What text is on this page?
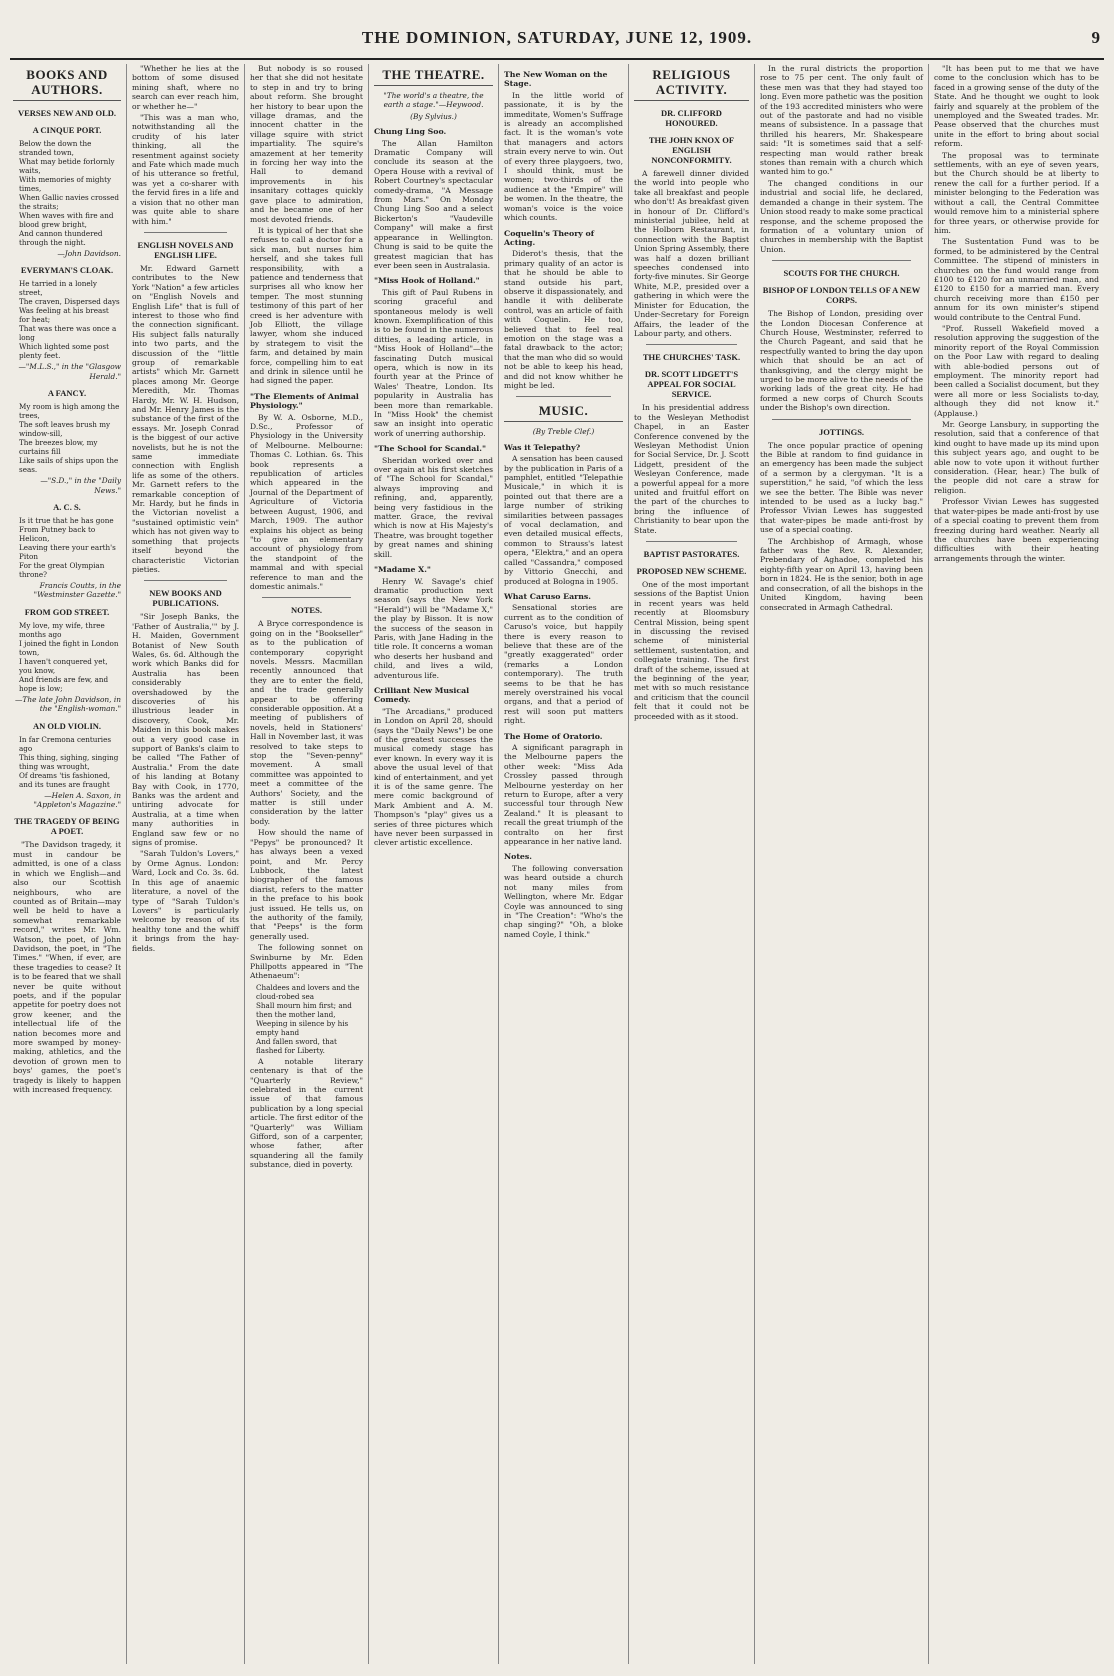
THE DOMINION, SATURDAY, JUNE 12, 1909.	9
BOOKS AND AUTHORS.
VERSES NEW AND OLD.
A CINQUE PORT.

Below the down the stranded town,

What may betide forlornly waits,

With memories of mighty times,

When Gallic navies crossed the straits;

When waves with fire and blood grew bright,

And cannon thundered through the night.

—John Davidson.
EVERYMAN'S CLOAK.

He tarried in a lonely street,

The craven, Dispersed days

Was feeling at his breast for heat;

That was there was once a long

Which lighted some post plenty feet.

—"M.L.S.," in the "Glasgow Herald."
A FANCY.

My room is high among the trees,

The soft leaves brush my window-sill,

The breezes blow, my curtains fill

Like sails of ships upon the seas.

—"S.D.," in the "Daily News."
A. C. S.

Is it true that he has gone

From Putney back to Helicon,

Leaving there your earth's Piton

For the great Olympian throne?

Francis Coutts, in the "Westminster Gazette."
FROM GOD STREET.

My love, my wife, three months ago

I joined the fight in London town,

I haven't conquered yet, you know,

And friends are few, and hope is low;

—The late John Davidson, in the "English-woman."
AN OLD VIOLIN.

In far Cremona centuries ago

This thing, sighing, singing thing was wrought,

Of dreams 'tis fashioned, and its tunes are fraught

—Helen A. Saxon, in "Appleton's Magazine."
THE TRAGEDY OF BEING A POET.

"The Davidson tragedy, it must in candour be admitted, is one of a class in which we English—and also our Scottish neighbours, who are counted as of Britain—may well be held to have a somewhat remarkable record," writes Mr. Wm. Watson, the poet, of John Davidson, the poet, in "The Times." "When, if ever, are these tragedies to cease? It is to be feared that we shall never be quite without poets, and if the popular appetite for poetry does not grow keener, and the intellectual life of the nation becomes more and more swamped by money-making, athletics, and the devotion of grown men to boys' games, the poet's tragedy is likely to happen with increased frequency.

"Whether he lies at the bottom of some disused mining shaft, where no search can ever reach him, or whether he—"

"This was a man who, notwithstanding all the crudity of his later thinking, all the resentment against society and Fate which made much of his utterance so fretful, was yet a co-sharer with the fervid fires in a life and a vision that no other man was quite able to share with him."

ENGLISH NOVELS AND ENGLISH LIFE.

Mr. Edward Garnett contributes to the New York "Nation" a few articles on "English Novels and English Life" that is full of interest to those who find the connection significant. His subject falls naturally into two parts, and the discussion of the "little group of remarkable artists" which Mr. Garnett places among Mr. George Meredith, Mr. Thomas Hardy, Mr. W. H. Hudson, and Mr. Henry James is the substance of the first of the essays. Mr. Joseph Conrad is the biggest of our active novelists, but he is not the same immediate connection with English life as some of the others. Mr. Garnett refers to the remarkable conception of Mr. Hardy, but he finds in the Victorian novelist a "sustained optimistic vein" which has not given way to something that projects itself beyond the characteristic Victorian pieties.

NEW BOOKS AND PUBLICATIONS.

"Sir Joseph Banks, the 'Father of Australia,'" by J. H. Maiden, Government Botanist of New South Wales, 6s. 6d. Although the work which Banks did for Australia has been considerably overshadowed by the discoveries of his illustrious leader in discovery, Cook, Mr. Maiden in this book makes out a very good case in support of Banks's claim to be called "The Father of Australia." From the date of his landing at Botany Bay with Cook, in 1770, Banks was the ardent and untiring advocate for Australia, at a time when many authorities in England saw few or no signs of promise.

"Sarah Tuldon's Lovers," by Orme Agnus. London: Ward, Lock and Co. 3s. 6d. In this age of anaemic literature, a novel of the type of "Sarah Tuldon's Lovers" is particularly welcome by reason of its healthy tone and the whiff it brings from the hay-fields.

But nobody is so roused her that she did not hesitate to step in and try to bring about reform. She brought her history to bear upon the village dramas, and the innocent chatter in the village squire with strict impartiality. The squire's amazement at her temerity in forcing her way into the Hall to demand improvements in his insanitary cottages quickly gave place to admiration, and he became one of her most devoted friends.

It is typical of her that she refuses to call a doctor for a sick man, but nurses him herself, and she takes full responsibility, with a patience and tenderness that surprises all who know her temper. The most stunning testimony of this part of her creed is her adventure with Job Elliott, the village lawyer, whom she induced by strategem to visit the farm, and detained by main force, compelling him to eat and drink in silence until he had signed the paper.

"The Elements of Animal Physiology."

By W. A. Osborne, M.D., D.Sc., Professor of Physiology in the University of Melbourne. Melbourne: Thomas C. Lothian. 6s. This book represents a republication of articles which appeared in the Journal of the Department of Agriculture of Victoria between August, 1906, and March, 1909. The author explains his object as being "to give an elementary account of physiology from the standpoint of the mammal and with special reference to man and the domestic animals."

NOTES.

A Bryce correspondence is going on in the "Bookseller" as to the publication of contemporary copyright novels. Messrs. Macmillan recently announced that they are to enter the field, and the trade generally appear to be offering considerable opposition. At a meeting of publishers of novels, held in Stationers' Hall in November last, it was resolved to take steps to stop the "Seven-penny" movement. A small committee was appointed to meet a committee of the Authors' Society, and the matter is still under consideration by the latter body.

How should the name of "Pepys" be pronounced? It has always been a vexed point, and Mr. Percy Lubbock, the latest biographer of the famous diarist, refers to the matter in the preface to his book just issued. He tells us, on the authority of the family, that "Peeps" is the form generally used.

The following sonnet on Swinburne by Mr. Eden Phillpotts appeared in "The Athenaeum":

Chaldees and lovers and the cloud-robed sea

Shall mourn him first; and then the mother land,

Weeping in silence by his empty hand

And fallen sword, that flashed for Liberty.

A notable literary centenary is that of the "Quarterly Review," celebrated in the current issue of that famous publication by a long special article. The first editor of the "Quarterly" was William Gifford, son of a carpenter, whose father, after squandering all the family substance, died in poverty.

THE THEATRE.
"The world's a theatre, the earth a stage."—Heywood.
(By Sylvius.)
Chung Ling Soo.

The Allan Hamilton Dramatic Company will conclude its season at the Opera House with a revival of Robert Courtney's spectacular comedy-drama, "A Message from Mars." On Monday Chung Ling Soo and a select Bickerton's "Vaudeville Company" will make a first appearance in Wellington. Chung is said to be quite the greatest magician that has ever been seen in Australasia.

"Miss Hook of Holland."

This gift of Paul Rubens in scoring graceful and spontaneous melody is well known. Exemplification of this is to be found in the numerous ditties, a leading article, in "Miss Hook of Holland"—the fascinating Dutch musical opera, which is now in its fourth year at the Prince of Wales' Theatre, London. Its popularity in Australia has been more than remarkable. In "Miss Hook" the chemist saw an insight into operatic work of unerring authorship.

"The School for Scandal."

Sheridan worked over and over again at his first sketches of "The School for Scandal," always improving and refining, and, apparently, being very fastidious in the matter. Grace, the revival which is now at His Majesty's Theatre, was brought together by great names and shining skill.

"Madame X."

Henry W. Savage's chief dramatic production next season (says the New York "Herald") will be "Madame X," the play by Bisson. It is now the success of the season in Paris, with Jane Hading in the title role. It concerns a woman who deserts her husband and child, and lives a wild, adventurous life.

Crilliant New Musical Comedy.

"The Arcadians," produced in London on April 28, should (says the "Daily News") be one of the greatest successes the musical comedy stage has ever known. In every way it is above the usual level of that kind of entertainment, and yet it is of the same genre. The mere comic background of Mark Ambient and A. M. Thompson's "play" gives us a series of three pictures which have never been surpassed in clever artistic excellence.

The New Woman on the Stage.

In the little world of passionate, it is by the immeditate, Women's Suffrage is already an accomplished fact. It is the woman's vote that managers and actors strain every nerve to win. Out of every three playgoers, two, I should think, must be women; two-thirds of the audience at the "Empire" will be women. In the theatre, the woman's voice is the voice which counts.

Coquelin's Theory of Acting.

Diderot's thesis, that the primary quality of an actor is that he should be able to stand outside his part, observe it dispassionately, and handle it with deliberate control, was an article of faith with Coquelin. He too, believed that to feel real emotion on the stage was a fatal drawback to the actor; that the man who did so would not be able to keep his head, and did not know whither he might be led.

MUSIC.
(By Treble Clef.)
Was it Telepathy?

A sensation has been caused by the publication in Paris of a pamphlet, entitled "Telepathie Musicale," in which it is pointed out that there are a large number of striking similarities between passages of vocal declamation, and even detailed musical effects, common to Strauss's latest opera, "Elektra," and an opera called "Cassandra," composed by Vittorio Gnecchi, and produced at Bologna in 1905.

What Caruso Earns.

Sensational stories are current as to the condition of Caruso's voice, but happily there is every reason to believe that these are of the "greatly exaggerated" order (remarks a London contemporary). The truth seems to be that he has merely overstrained his vocal organs, and that a period of rest will soon put matters right.

The Home of Oratorio.

A significant paragraph in the Melbourne papers the other week: "Miss Ada Crossley passed through Melbourne yesterday on her return to Europe, after a very successful tour through New Zealand." It is pleasant to recall the great triumph of the contralto on her first appearance in her native land.

Notes.

The following conversation was heard outside a church not many miles from Wellington, where Mr. Edgar Coyle was announced to sing in "The Creation": "Who's the chap singing?" "Oh, a bloke named Coyle, I think."

RELIGIOUS ACTIVITY.
DR. CLIFFORD HONOURED.
THE JOHN KNOX OF ENGLISH NONCONFORMITY.

A farewell dinner divided the world into people who take all breakfast and people who don't! As breakfast given in honour of Dr. Clifford's ministerial jubilee, held at the Holborn Restaurant, in connection with the Baptist Union Spring Assembly, there was half a dozen brilliant speeches condensed into forty-five minutes. Sir George White, M.P., presided over a gathering in which were the Minister for Education, the Under-Secretary for Foreign Affairs, the leader of the Labour party, and others.

THE CHURCHES' TASK.
DR. SCOTT LIDGETT'S APPEAL FOR SOCIAL SERVICE.

In his presidential address to the Wesleyan Methodist Chapel, in an Easter Conference convened by the Wesleyan Methodist Union for Social Service, Dr. J. Scott Lidgett, president of the Wesleyan Conference, made a powerful appeal for a more united and fruitful effort on the part of the churches to bring the influence of Christianity to bear upon the State.

BAPTIST PASTORATES.
PROPOSED NEW SCHEME.

One of the most important sessions of the Baptist Union in recent years was held recently at Bloomsbury Central Mission, being spent in discussing the revised scheme of ministerial settlement, sustentation, and collegiate training. The first draft of the scheme, issued at the beginning of the year, met with so much resistance and criticism that the council felt that it could not be proceeded with as it stood.

In the rural districts the proportion rose to 75 per cent. The only fault of these men was that they had stayed too long. Even more pathetic was the position of the 193 accredited ministers who were out of the pastorate and had no visible means of subsistence. In a passage that thrilled his hearers, Mr. Shakespeare said: "It is sometimes said that a self-respecting man would rather break stones than remain with a church which wanted him to go."

The changed conditions in our industrial and social life, he declared, demanded a change in their system. The Union stood ready to make some practical response, and the scheme proposed the formation of a voluntary union of churches in membership with the Baptist Union.

SCOUTS FOR THE CHURCH.
BISHOP OF LONDON TELLS OF A NEW CORPS.

The Bishop of London, presiding over the London Diocesan Conference at Church House, Westminster, referred to the Church Pageant, and said that he respectfully wanted to bring the day upon which that should be an act of thanksgiving, and the clergy might be urged to be more alive to the needs of the working lads of the great city. He had formed a new corps of Church Scouts under the Bishop's own direction.

JOTTINGS.

The once popular practice of opening the Bible at random to find guidance in an emergency has been made the subject of a sermon by a clergyman. "It is a superstition," he said, "of which the less we see the better. The Bible was never intended to be used as a lucky bag." Professor Vivian Lewes has suggested that water-pipes be made anti-frost by use of a special coating.

The Archbishop of Armagh, whose father was the Rev. R. Alexander, Prebendary of Aghadoe, completed his eighty-fifth year on April 13, having been born in 1824. He is the senior, both in age and consecration, of all the bishops in the United Kingdom, having been consecrated in Armagh Cathedral.

"It has been put to me that we have come to the conclusion which has to be faced in a growing sense of the duty of the State. And he thought we ought to look fairly and squarely at the problem of the unemployed and the Sweated trades. Mr. Pease observed that the churches must unite in the effort to bring about social reform.

The proposal was to terminate settlements, with an eye of seven years, but the Church should be at liberty to renew the call for a further period. If a minister belonging to the Federation was without a call, the Central Committee would remove him to a ministerial sphere for three years, or otherwise provide for him.

The Sustentation Fund was to be formed, to be administered by the Central Committee. The stipend of ministers in churches on the fund would range from £100 to £120 for an unmarried man, and £120 to £150 for a married man. Every church receiving more than £150 per annum for its own minister's stipend would contribute to the Central Fund.

"Prof. Russell Wakefield moved a resolution approving the suggestion of the minority report of the Royal Commission on the Poor Law with regard to dealing with able-bodied persons out of employment. The minority report had been called a Socialist document, but they were all more or less Socialists to-day, although they did not know it." (Applause.)

Mr. George Lansbury, in supporting the resolution, said that a conference of that kind ought to have made up its mind upon this subject years ago, and ought to be able now to vote upon it without further consideration. (Hear, hear.) The bulk of the people did not care a straw for religion.

Professor Vivian Lewes has suggested that water-pipes be made anti-frost by use of a special coating to prevent them from freezing during hard weather. Nearly all the churches have been experiencing difficulties with their heating arrangements through the winter.
